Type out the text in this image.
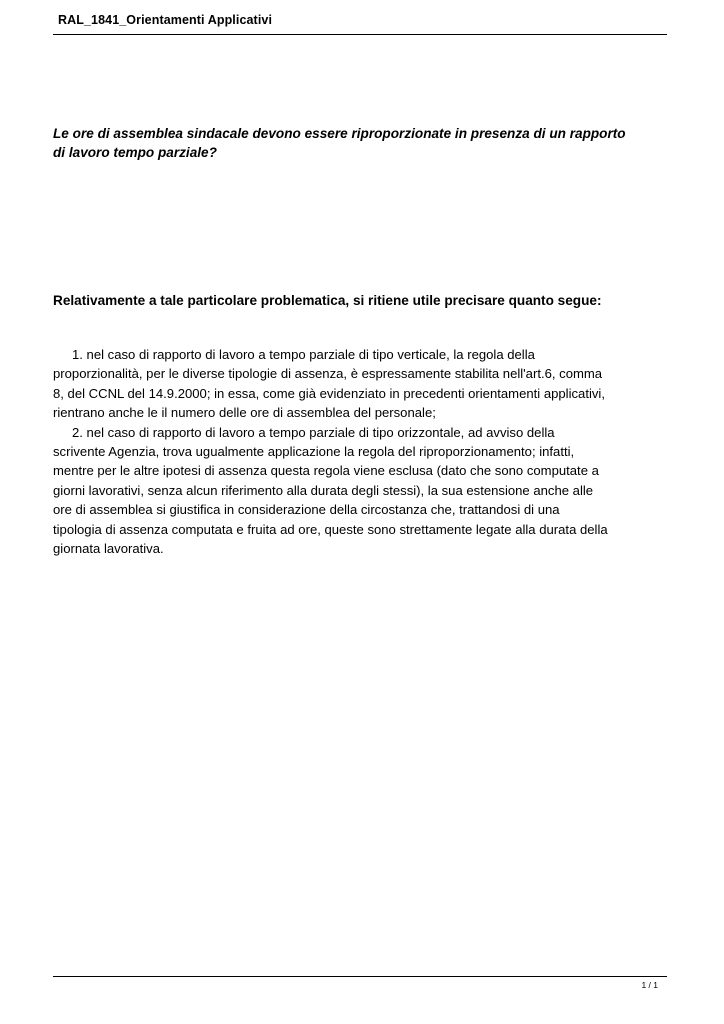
RAL_1841_Orientamenti Applicativi
Le ore di assemblea sindacale devono essere riproporzionate in presenza di un rapporto
di lavoro tempo parziale?
Relativamente a tale particolare problematica, si ritiene utile precisare quanto segue:
1. nel caso di rapporto di lavoro a tempo parziale di tipo verticale, la regola della
proporzionalità, per le diverse tipologie di assenza, è espressamente stabilita nell'art.6, comma
8, del CCNL del 14.9.2000; in essa, come già evidenziato in precedenti orientamenti applicativi,
rientrano anche le il numero delle ore di assemblea del personale;
2. nel caso di rapporto di lavoro a tempo parziale di tipo orizzontale, ad avviso della
scrivente Agenzia, trova ugualmente applicazione la regola del riproporzionamento; infatti,
mentre per le altre ipotesi di assenza questa regola viene esclusa (dato che sono computate a
giorni lavorativi, senza alcun riferimento alla durata degli stessi), la sua estensione anche alle
ore di assemblea si giustifica in considerazione della circostanza che, trattandosi di una
tipologia di assenza computata e fruita ad ore, queste sono strettamente legate alla durata della
giornata lavorativa.
1 / 1
